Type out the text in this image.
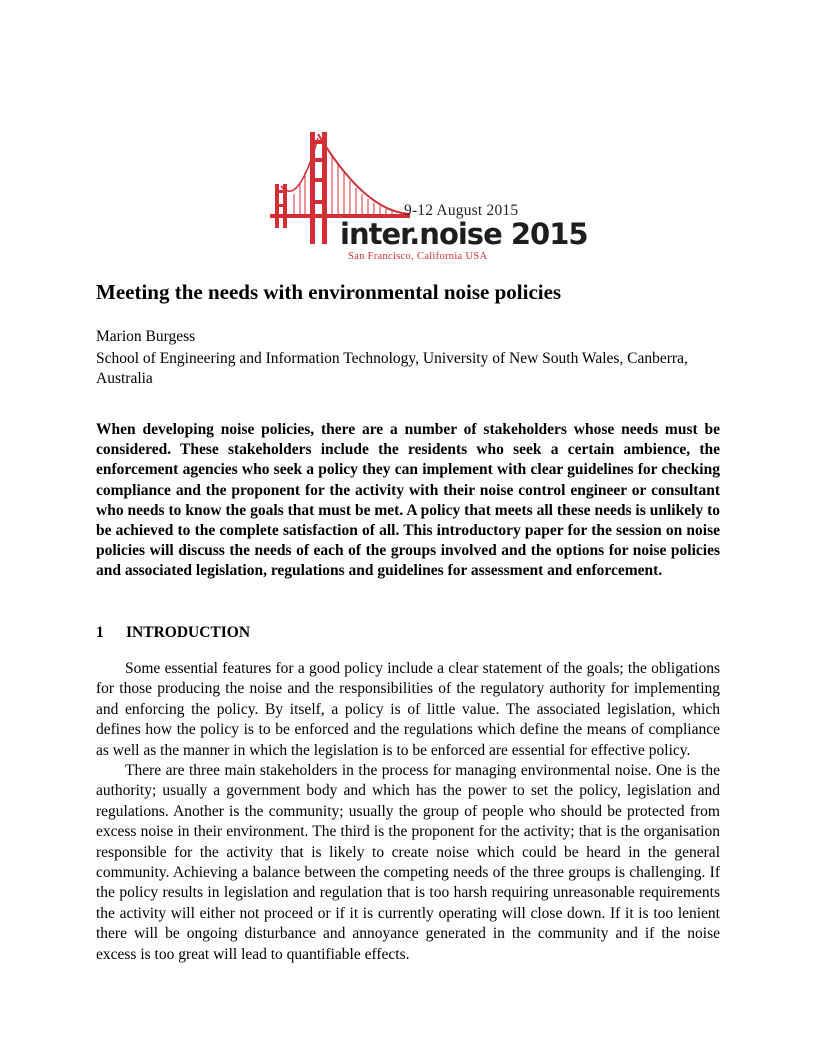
9-12 August 2015
inter.noise 2015
San Francisco, California USA
Meeting the needs with environmental noise policies

Marion Burgess

School of Engineering and Information Technology, University of New South Wales, Canberra, Australia

When developing noise policies, there are a number of stakeholders whose needs must be considered. These stakeholders include the residents who seek a certain ambience, the enforcement agencies who seek a policy they can implement with clear guidelines for checking compliance and the proponent for the activity with their noise control engineer or consultant who needs to know the goals that must be met. A policy that meets all these needs is unlikely to be achieved to the complete satisfaction of all. This introductory paper for the session on noise policies will discuss the needs of each of the groups involved and the options for noise policies and associated legislation, regulations and guidelines for assessment and enforcement.

1 INTRODUCTION

Some essential features for a good policy include a clear statement of the goals; the obligations for those producing the noise and the responsibilities of the regulatory authority for implementing and enforcing the policy. By itself, a policy is of little value. The associated legislation, which defines how the policy is to be enforced and the regulations which define the means of compliance as well as the manner in which the legislation is to be enforced are essential for effective policy.

There are three main stakeholders in the process for managing environmental noise. One is the authority; usually a government body and which has the power to set the policy, legislation and regulations. Another is the community; usually the group of people who should be protected from excess noise in their environment. The third is the proponent for the activity; that is the organisation responsible for the activity that is likely to create noise which could be heard in the general community. Achieving a balance between the competing needs of the three groups is challenging. If the policy results in legislation and regulation that is too harsh requiring unreasonable requirements the activity will either not proceed or if it is currently operating will close down. If it is too lenient there will be ongoing disturbance and annoyance generated in the community and if the noise excess is too great will lead to quantifiable effects.
